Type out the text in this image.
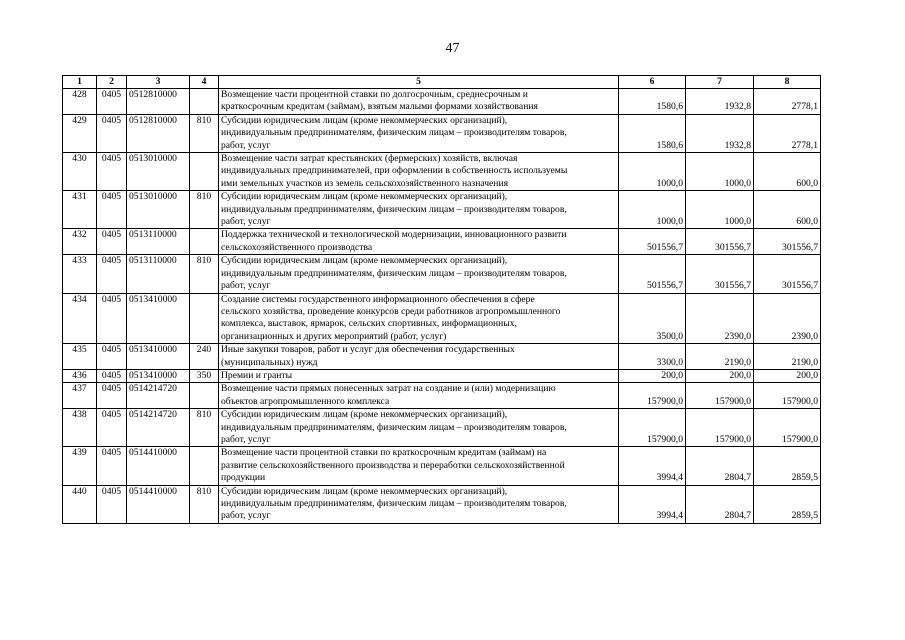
47
1	2	3	4	5	6	7	8
428	0405	0512810000		Возмещение части процентной ставки по долгосрочным, среднесрочным и
краткосрочным кредитам (займам), взятым малыми формами хозяйствования	1580,6	1932,8	2778,1
429	0405	0512810000	810	Субсидии юридическим лицам (кроме некоммерческих организаций),
индивидуальным предпринимателям, физическим лицам – производителям товаров,
работ, услуг	1580,6	1932,8	2778,1
430	0405	0513010000		Возмещение части затрат крестьянских (фермерских) хозяйств, включая
индивидуальных предпринимателей, при оформлении в собственность используемы
ими земельных участков из земель сельскохозяйственного назначения	1000,0	1000,0	600,0
431	0405	0513010000	810	Субсидии юридическим лицам (кроме некоммерческих организаций),
индивидуальным предпринимателям, физическим лицам – производителям товаров,
работ, услуг	1000,0	1000,0	600,0
432	0405	0513110000		Поддержка технической и технологической модернизации, инновационного развити
сельскохозяйственного производства	501556,7	301556,7	301556,7
433	0405	0513110000	810	Субсидии юридическим лицам (кроме некоммерческих организаций),
индивидуальным предпринимателям, физическим лицам – производителям товаров,
работ, услуг	501556,7	301556,7	301556,7
434	0405	0513410000		Создание системы государственного информационного обеспечения в сфере
сельского хозяйства, проведение конкурсов среди работников агропромышленного
комплекса, выставок, ярмарок, сельских спортивных, информационных,
организационных и других мероприятий (работ, услуг)	3500,0	2390,0	2390,0
435	0405	0513410000	240	Иные закупки товаров, работ и услуг для обеспечения государственных
(муниципальных) нужд	3300,0	2190,0	2190,0
436	0405	0513410000	350	Премии и гранты	200,0	200,0	200,0
437	0405	0514214720		Возмещение части прямых понесенных затрат на создание и (или) модернизацию
объектов агропромышленного комплекса	157900,0	157900,0	157900,0
438	0405	0514214720	810	Субсидии юридическим лицам (кроме некоммерческих организаций),
индивидуальным предпринимателям, физическим лицам – производителям товаров,
работ, услуг	157900,0	157900,0	157900,0
439	0405	0514410000		Возмещение части процентной ставки по краткосрочным кредитам (займам) на
развитие сельскохозяйственного производства и переработки сельскохозяйственной
продукции	3994,4	2804,7	2859,5
440	0405	0514410000	810	Субсидии юридическим лицам (кроме некоммерческих организаций),
индивидуальным предпринимателям, физическим лицам – производителям товаров,
работ, услуг	3994,4	2804,7	2859,5
